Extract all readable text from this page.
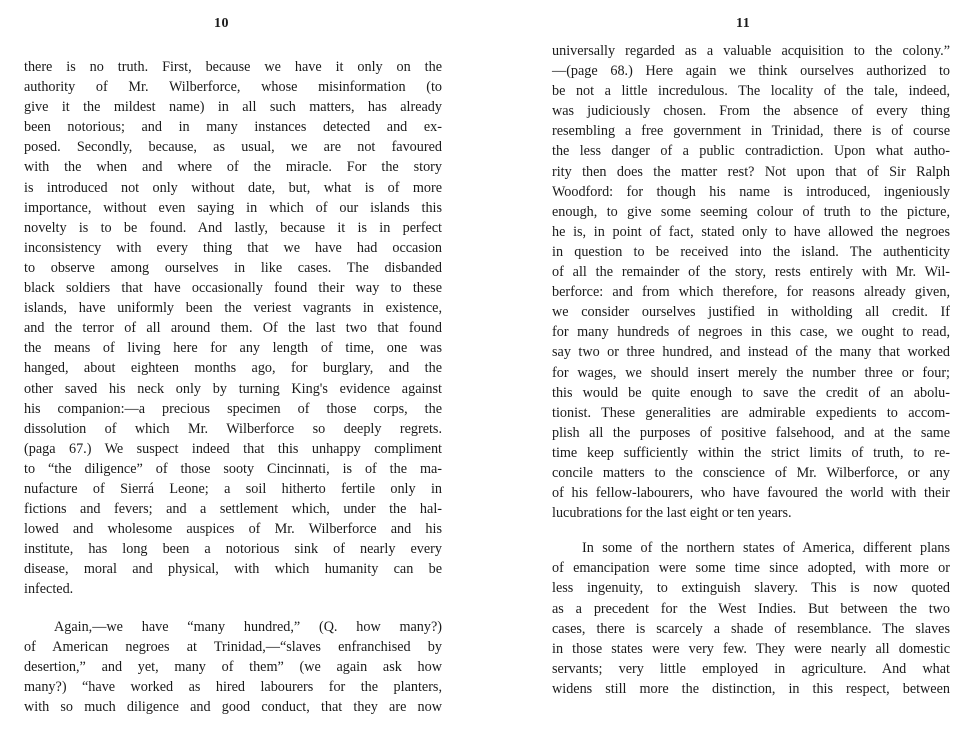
10
there is no truth. First, because we have it only on the
authority of Mr. Wilberforce, whose misinformation (to
give it the mildest name) in all such matters, has already
been notorious; and in many instances detected and ex-
posed. Secondly, because, as usual, we are not favoured
with the when and where of the miracle. For the story
is introduced not only without date, but, what is of more
importance, without even saying in which of our islands this
novelty is to be found. And lastly, because it is in perfect
inconsistency with every thing that we have had occasion
to observe among ourselves in like cases. The disbanded
black soldiers that have occasionally found their way to these
islands, have uniformly been the veriest vagrants in existence,
and the terror of all around them. Of the last two that found
the means of living here for any length of time, one was
hanged, about eighteen months ago, for burglary, and the
other saved his neck only by turning King's evidence against
his companion:—a precious specimen of those corps, the
dissolution of which Mr. Wilberforce so deeply regrets.
(paga 67.) We suspect indeed that this unhappy compliment
to “the diligence” of those sooty Cincinnati, is of the ma-
nufacture of Sierrá Leone; a soil hitherto fertile only in
fictions and fevers; and a settlement which, under the hal-
lowed and wholesome auspices of Mr. Wilberforce and his
institute, has long been a notorious sink of nearly every
disease, moral and physical, with which humanity can be
infected.
Again,—we have “many hundred,” (Q. how many?)
of American negroes at Trinidad,—“slaves enfranchised by
desertion,” and yet, many of them” (we again ask how
many?) “have worked as hired labourers for the planters,
with so much diligence and good conduct, that they are now
11
universally regarded as a valuable acquisition to the colony.”
—(page 68.) Here again we think ourselves authorized to
be not a little incredulous. The locality of the tale, indeed,
was judiciously chosen. From the absence of every thing
resembling a free government in Trinidad, there is of course
the less danger of a public contradiction. Upon what autho-
rity then does the matter rest? Not upon that of Sir Ralph
Woodford: for though his name is introduced, ingeniously
enough, to give some seeming colour of truth to the picture,
he is, in point of fact, stated only to have allowed the negroes
in question to be received into the island. The authenticity
of all the remainder of the story, rests entirely with Mr. Wil-
berforce: and from which therefore, for reasons already given,
we consider ourselves justified in witholding all credit. If
for many hundreds of negroes in this case, we ought to read,
say two or three hundred, and instead of the many that worked
for wages, we should insert merely the number three or four;
this would be quite enough to save the credit of an abolu-
tionist. These generalities are admirable expedients to accom-
plish all the purposes of positive falsehood, and at the same
time keep sufficiently within the strict limits of truth, to re-
concile matters to the conscience of Mr. Wilberforce, or any
of his fellow-labourers, who have favoured the world with their
lucubrations for the last eight or ten years.
In some of the northern states of America, different plans
of emancipation were some time since adopted, with more or
less ingenuity, to extinguish slavery. This is now quoted
as a precedent for the West Indies. But between the two
cases, there is scarcely a shade of resemblance. The slaves
in those states were very few. They were nearly all domestic
servants; very little employed in agriculture. And what
widens still more the distinction, in this respect, between
